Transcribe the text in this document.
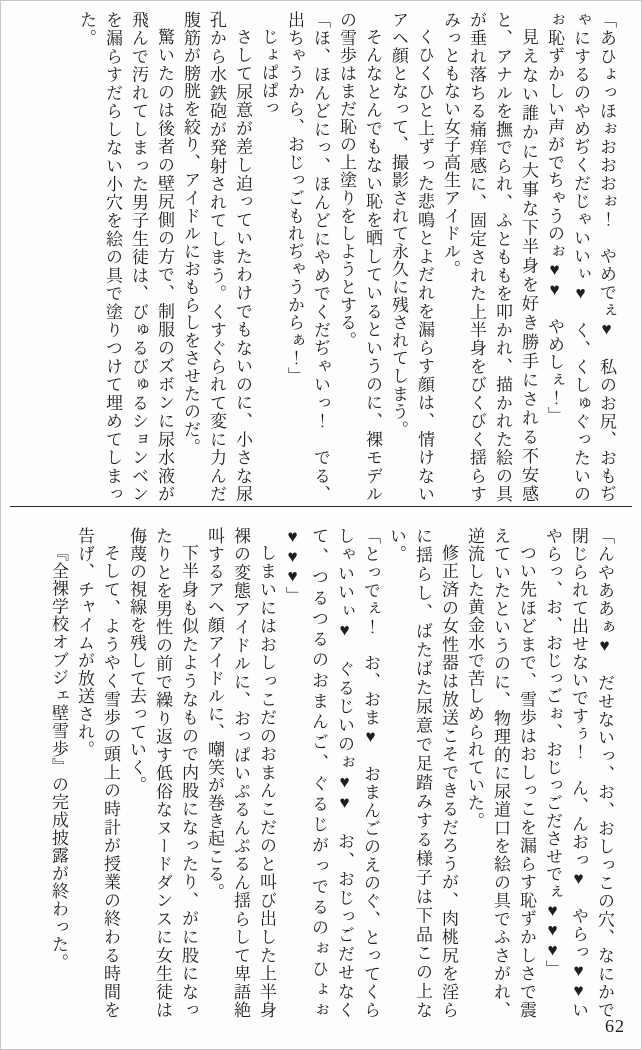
「あひょっほぉおおおぉ！　やめでぇ♥　私のお尻、おもぢゃにするのやめぢくだじゃいいぃ♥　く、くしゅぐったいのぉ恥ずかしい声がでちゃうのぉ♥♥　やめしぇ！」

見えない誰かに大事な下半身を好き勝手にされる不安感と、アナルを撫でられ、ふとももを叩かれ、描かれた絵の具が垂れ落ちる痛痒感に、固定された上半身をびくびく揺らすみっともない女子高生アイドル。

くひくひと上ずった悲鳴とよだれを漏らす顔は、情けないアヘ顔となって、撮影されて永久に残されてしまう。

そんなとんでもない恥を晒しているというのに、裸モデルの雪歩はまだ恥の上塗りをしようとする。

「ほ、ほんどにっ、ほんどにやめでくだぢゃいっ！　でる、出ちゃうから、おじっごもれぢゃうからぁ！」

じょぱぱっ

さして尿意が差し迫っていたわけでもないのに、小さな尿孔から水鉄砲が発射されてしまう。くすぐられて変に力んだ腹筋が膀胱を絞り、アイドルにおもらしをさせたのだ。

驚いたのは後者の壁尻側の方で、制服のズボンに尿水液が飛んで汚れてしまった男子生徒は、びゅるびゅるションベンを漏らすだらしない小穴を絵の具で塗りつけて埋めてしまった。

「んやああぁ♥　だせないっ、お、おしっこの穴、なにかで閉じられて出せないですぅ！　ん、んおっ♥　やらっ♥♥いやらっ、お、おじっごぉ、おじっごださせでぇ♥♥♥」

つい先ほどまで、雪歩はおしっこを漏らす恥ずかしさで震えていたというのに、物理的に尿道口を絵の具でふさがれ、逆流した黄金水で苦しめられていた。

修正済の女性器は放送こそできるだろうが、肉桃尻を淫らに揺らし、ばたばた尿意で足踏みする様子は下品この上ない。

「とっでぇ！　お、おま♥　おまんごのえのぐ、とってくらしゃいいぃ♥　ぐるじいのぉ♥♥　お、おじっごだせなくて、つるつるのおまんご、ぐるじがっでるのぉひょぉ♥♥♥」

しまいにはおしっこだのおまんこだのと叫び出した上半身裸の変態アイドルに、おっぱいぷるんぷるん揺らして卑語絶叫するアヘ顔アイドルに、嘲笑が巻き起こる。

下半身も似たようなもので内股になったり、がに股になったりとを男性の前で繰り返す低俗なヌードダンスに女生徒は侮蔑の視線を残して去っていく。

そして、ようやく雪歩の頭上の時計が授業の終わる時間を告げ、チャイムが放送され。

『全裸学校オブジェ壁雪歩』の完成披露が終わった。

62
